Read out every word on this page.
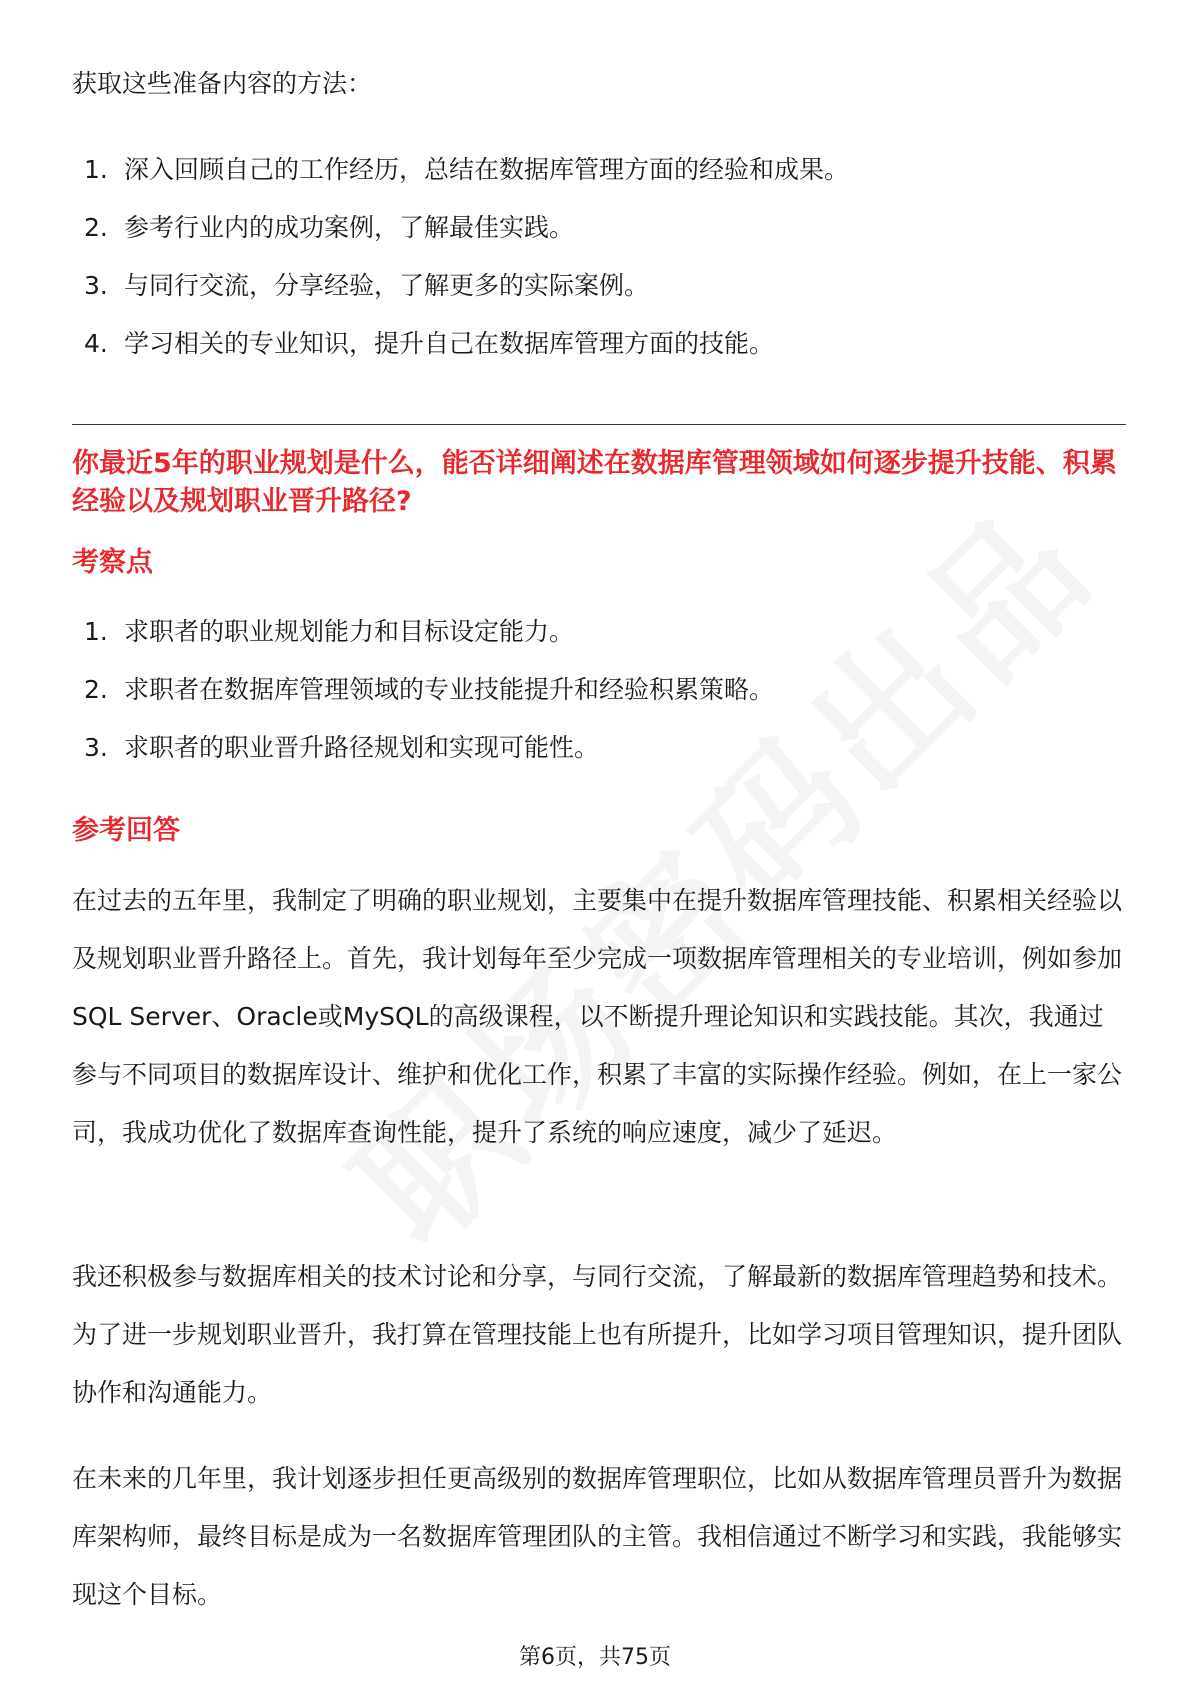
获取这些准备内容的方法：
1. 深入回顾自己的工作经历，总结在数据库管理方面的经验和成果。
2. 参考行业内的成功案例，了解最佳实践。
3. 与同行交流，分享经验，了解更多的实际案例。
4. 学习相关的专业知识，提升自己在数据库管理方面的技能。
你最近5年的职业规划是什么，能否详细阐述在数据库管理领域如何逐步提升技能、积累经验以及规划职业晋升路径?
考察点
1. 求职者的职业规划能力和目标设定能力。
2. 求职者在数据库管理领域的专业技能提升和经验积累策略。
3. 求职者的职业晋升路径规划和实现可能性。
参考回答

在过去的五年里，我制定了明确的职业规划，主要集中在提升数据库管理技能、积累相关经验以及规划职业晋升路径上。首先，我计划每年至少完成一项数据库管理相关的专业培训，例如参加SQL Server、Oracle或MySQL的高级课程，以不断提升理论知识和实践技能。其次，我通过参与不同项目的数据库设计、维护和优化工作，积累了丰富的实际操作经验。例如，在上一家公司，我成功优化了数据库查询性能，提升了系统的响应速度，减少了延迟。

我还积极参与数据库相关的技术讨论和分享，与同行交流，了解最新的数据库管理趋势和技术。为了进一步规划职业晋升，我打算在管理技能上也有所提升，比如学习项目管理知识，提升团队协作和沟通能力。

在未来的几年里，我计划逐步担任更高级别的数据库管理职位，比如从数据库管理员晋升为数据库架构师，最终目标是成为一名数据库管理团队的主管。我相信通过不断学习和实践，我能够实现这个目标。

第6页，共75页
